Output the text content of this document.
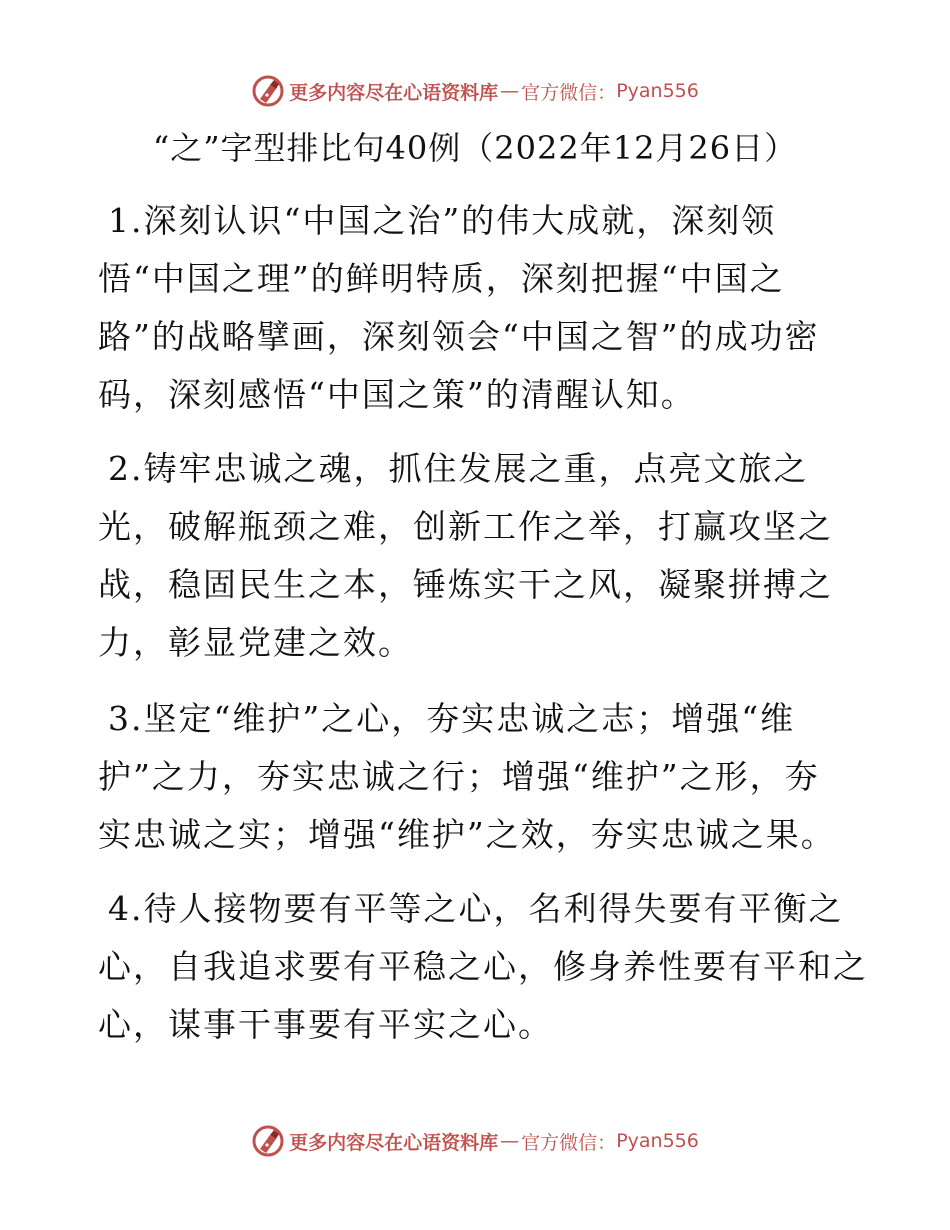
更多内容尽在心语资料库 — 官方微信： Pyan556
“之”字型排比句40例（2022年12月26日）

1.深刻认识“中国之治”的伟大成就，深刻领
悟“中国之理”的鲜明特质，深刻把握“中国之
路”的战略擘画，深刻领会“中国之智”的成功密
码，深刻感悟“中国之策”的清醒认知。

2.铸牢忠诚之魂，抓住发展之重，点亮文旅之
光，破解瓶颈之难，创新工作之举，打赢攻坚之
战，稳固民生之本，锤炼实干之风，凝聚拼搏之
力，彰显党建之效。

3.坚定“维护”之心，夯实忠诚之志；增强“维
护”之力，夯实忠诚之行；增强“维护”之形，夯
实忠诚之实；增强“维护”之效，夯实忠诚之果。

4.待人接物要有平等之心，名利得失要有平衡之
心，自我追求要有平稳之心，修身养性要有平和之
心，谋事干事要有平实之心。

更多内容尽在心语资料库 — 官方微信： Pyan556
